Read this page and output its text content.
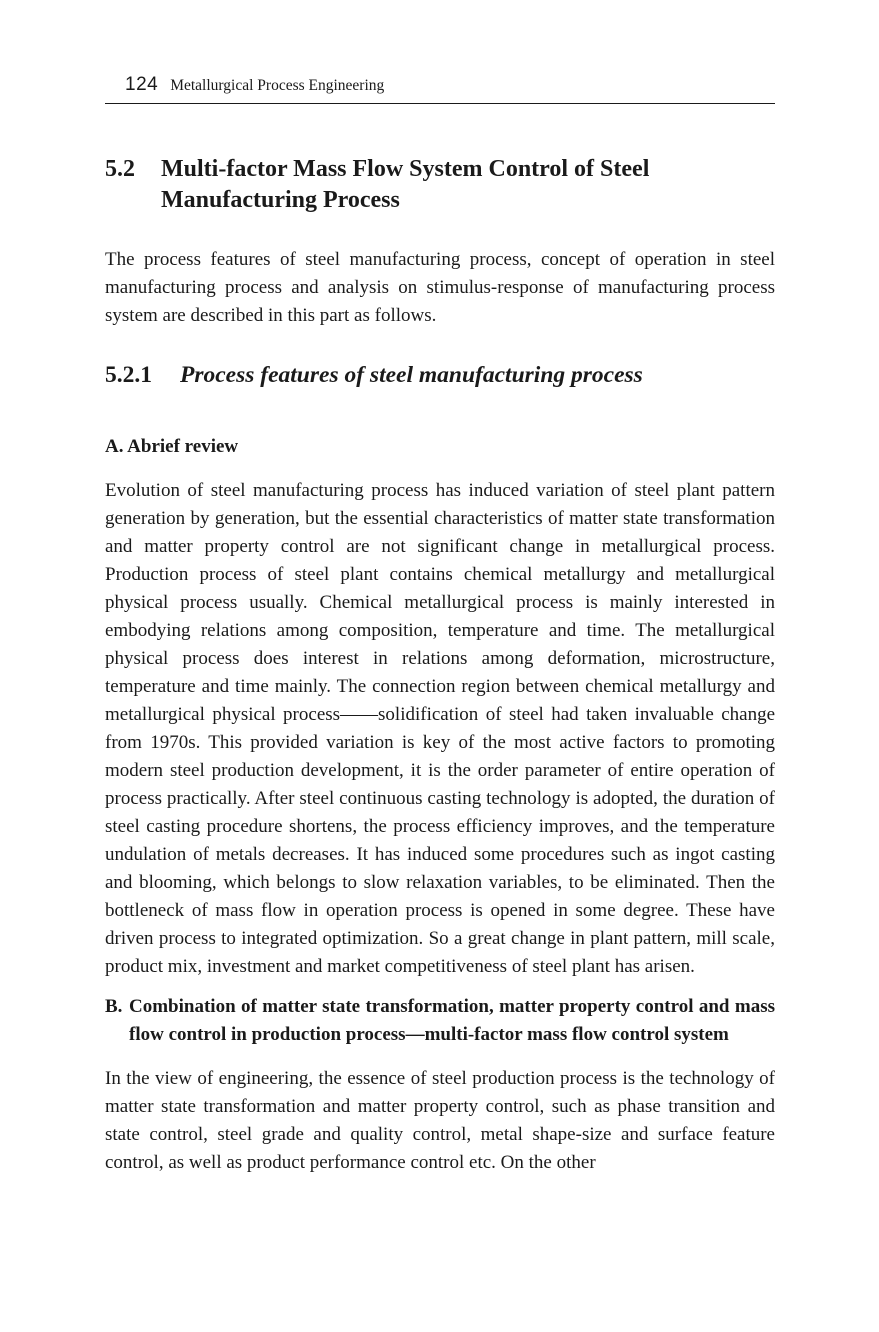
124 Metallurgical Process Engineering
5.2	Multi-factor Mass Flow System Control of Steel Manufacturing Process

The process features of steel manufacturing process, concept of operation in steel manufacturing process and analysis on stimulus-response of manufacturing process system are described in this part as follows.

5.2.1	Process features of steel manufacturing process
A. Abrief review

Evolution of steel manufacturing process has induced variation of steel plant pattern generation by generation, but the essential characteristics of matter state transformation and matter property control are not significant change in metallurgical process. Production process of steel plant contains chemical metallurgy and metallurgical physical process usually. Chemical metallurgical process is mainly interested in embodying relations among composition, temperature and time. The metallurgical physical process does interest in relations among deformation, microstructure, temperature and time mainly. The connection region between chemical metallurgy and metallurgical physical process——solidification of steel had taken invaluable change from 1970s. This provided variation is key of the most active factors to promoting modern steel production development, it is the order parameter of entire operation of process practically. After steel continuous casting technology is adopted, the duration of steel casting procedure shortens, the process efficiency improves, and the temperature undulation of metals decreases. It has induced some procedures such as ingot casting and blooming, which belongs to slow relaxation variables, to be eliminated. Then the bottleneck of mass flow in operation process is opened in some degree. These have driven process to integrated optimization. So a great change in plant pattern, mill scale, product mix, investment and market competitiveness of steel plant has arisen.

B. Combination of matter state transformation, matter property control and mass flow control in production process—multi-factor mass flow control system

In the view of engineering, the essence of steel production process is the technology of matter state transformation and matter property control, such as phase transition and state control, steel grade and quality control, metal shape-size and surface feature control, as well as product performance control etc. On the other
